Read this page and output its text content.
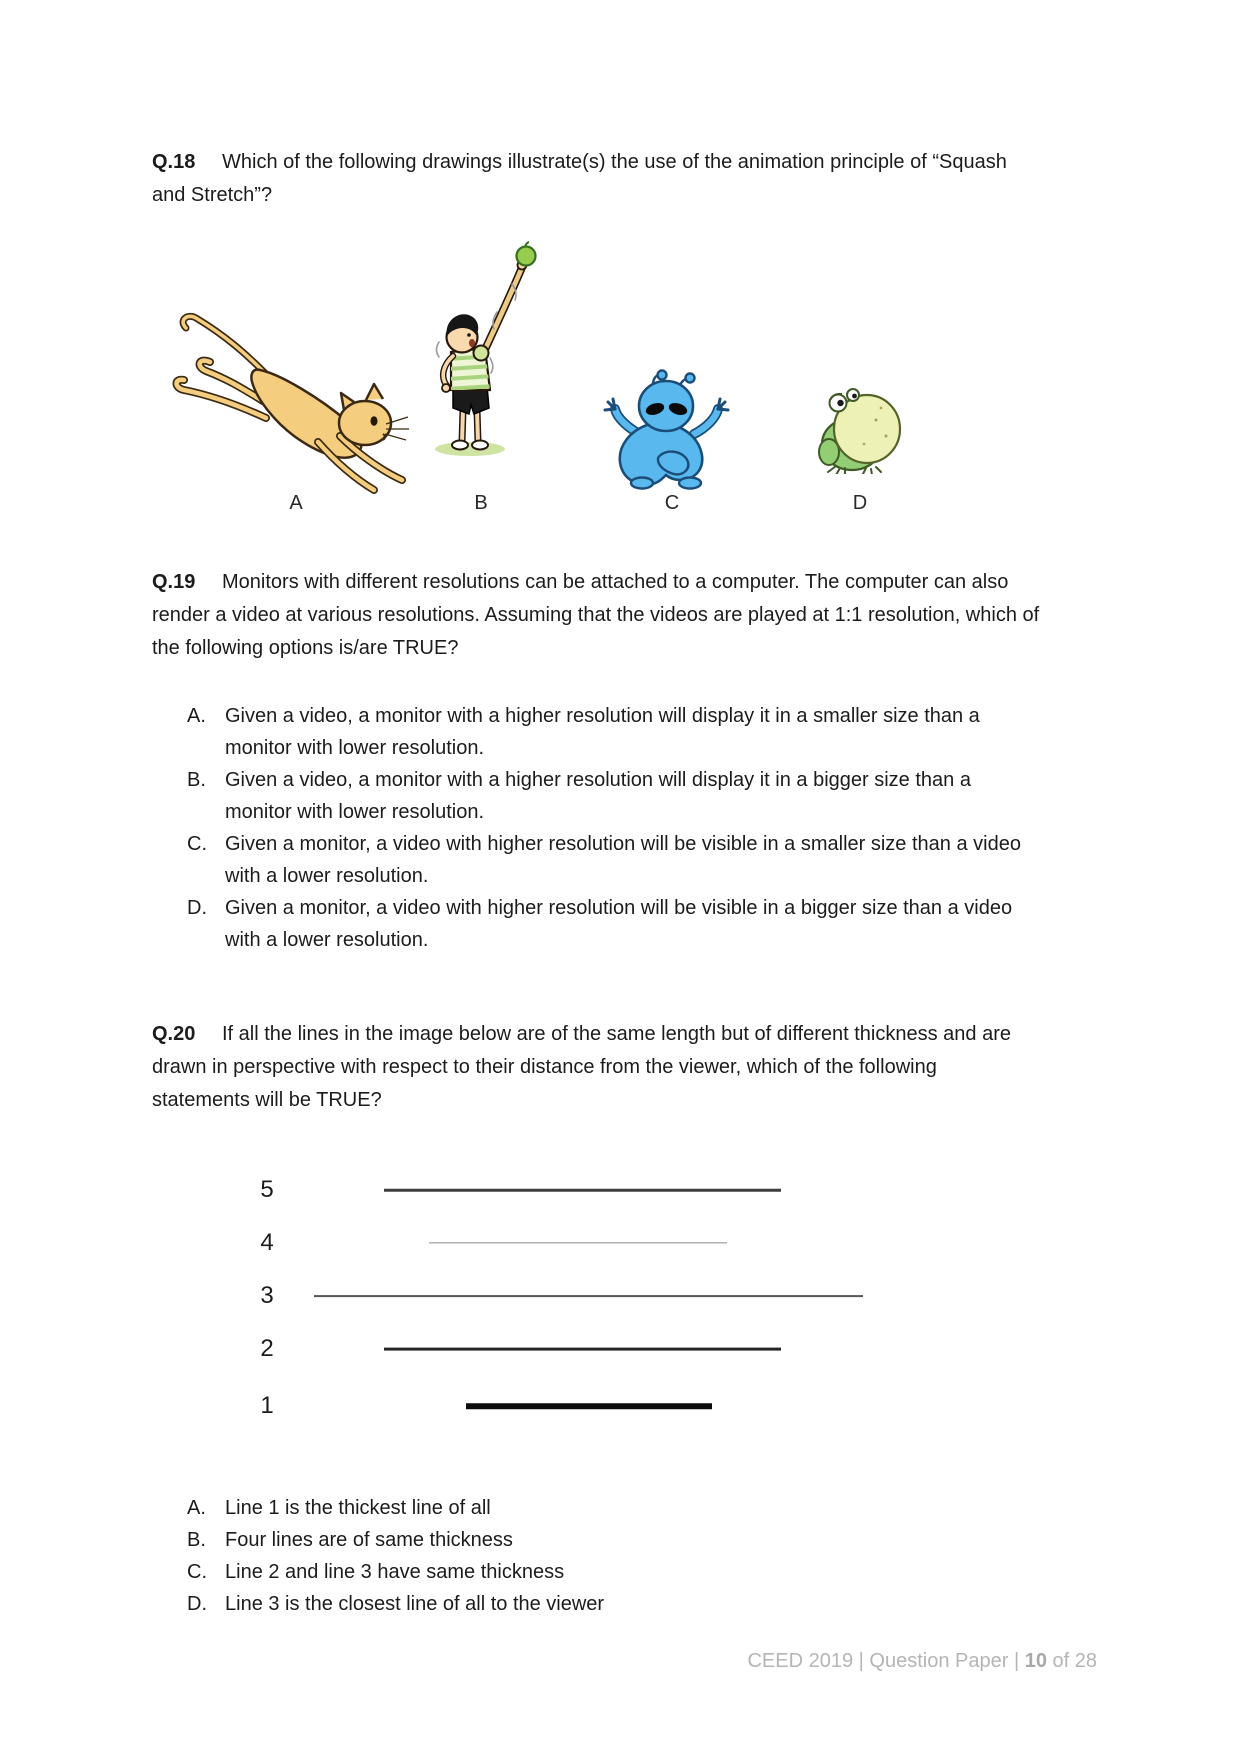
Q.18 Which of the following drawings illustrate(s) the use of the animation principle of “Squash
and Stretch”?
A	B	C	D
Q.19 Monitors with different resolutions can be attached to a computer. The computer can also
render a video at various resolutions. Assuming that the videos are played at 1:1 resolution, which of
the following options is/are TRUE?
A. Given a video, a monitor with a higher resolution will display it in a smaller size than a
monitor with lower resolution.
B. Given a video, a monitor with a higher resolution will display it in a bigger size than a
monitor with lower resolution.
C. Given a monitor, a video with higher resolution will be visible in a smaller size than a video
with a lower resolution.
D. Given a monitor, a video with higher resolution will be visible in a bigger size than a video
with a lower resolution.
Q.20 If all the lines in the image below are of the same length but of different thickness and are
drawn in perspective with respect to their distance from the viewer, which of the following
statements will be TRUE?
5
4
3
2
1
A. Line 1 is the thickest line of all
B. Four lines are of same thickness
C. Line 2 and line 3 have same thickness
D. Line 3 is the closest line of all to the viewer
CEED 2019 | Question Paper | 10 of 28
